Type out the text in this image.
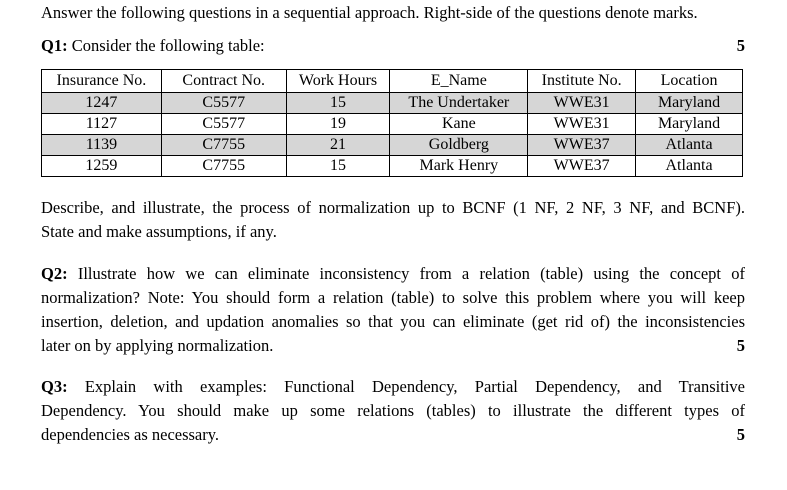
Answer the following questions in a sequential approach. Right-side of the questions denote marks.
Q1: Consider the following table:	5
Insurance No.	Contract No.	Work Hours	E_Name	Institute No.	Location
1247	C5577	15	The Undertaker	WWE31	Maryland
1127	C5577	19	Kane	WWE31	Maryland
1139	C7755	21	Goldberg	WWE37	Atlanta
1259	C7755	15	Mark Henry	WWE37	Atlanta
Describe, and illustrate, the process of normalization up to BCNF (1 NF, 2 NF, 3 NF, and BCNF).
State and make assumptions, if any.
Q2: Illustrate how we can eliminate inconsistency from a relation (table) using the concept of
normalization? Note: You should form a relation (table) to solve this problem where you will keep
insertion, deletion, and updation anomalies so that you can eliminate (get rid of) the inconsistencies
later on by applying normalization.	5
Q3: Explain with examples: Functional Dependency, Partial Dependency, and Transitive
Dependency. You should make up some relations (tables) to illustrate the different types of
dependencies as necessary.	5
